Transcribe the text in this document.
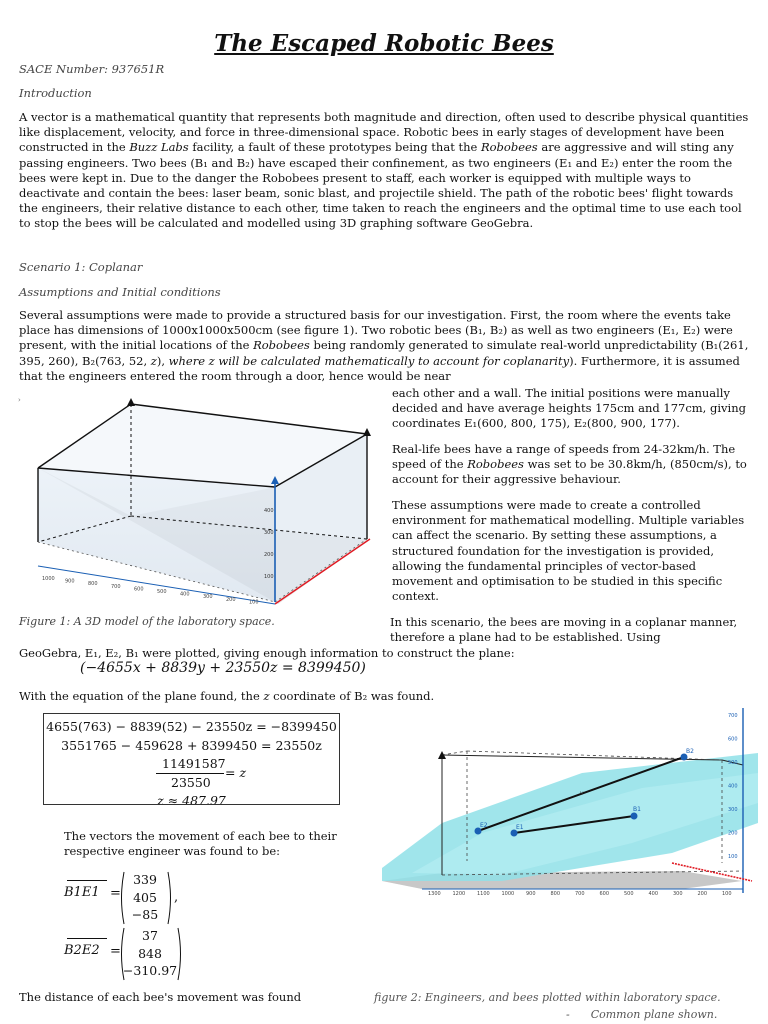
The Escaped Robotic Bees
SACE Number: 937651R
Introduction
A vector is a mathematical quantity that represents both magnitude and direction, often used to describe physical quantities like displacement, velocity, and force in three-dimensional space. Robotic bees in early stages of development have been constructed in the Buzz Labs facility, a fault of these prototypes being that the Robobees are aggressive and will sting any passing engineers. Two bees (B₁ and B₂) have escaped their confinement, as two engineers (E₁ and E₂) enter the room the bees were kept in. Due to the danger the Robobees present to staff, each worker is equipped with multiple ways to deactivate and contain the bees: laser beam, sonic blast, and projectile shield. The path of the robotic bees' flight towards the engineers, their relative distance to each other, time taken to reach the engineers and the optimal time to use each tool to stop the bees will be calculated and modelled using 3D graphing software GeoGebra.
Scenario 1: Coplanar
Assumptions and Initial conditions
Several assumptions were made to provide a structured basis for our investigation. First, the room where the events take place has dimensions of 1000x1000x500cm (see figure 1). Two robotic bees (B₁, B₂) as well as two engineers (E₁, E₂) were present, with the initial locations of the Robobees being randomly generated to simulate real-world unpredictability (B₁(261, 395, 260), B₂(763, 52, z), where z will be calculated mathematically to account for coplanarity). Furthermore, it is assumed that the engineers entered the room through a door, hence would be near
each other and a wall. The initial positions were manually decided and have average heights 175cm and 177cm, giving coordinates E₁(600, 800, 175), E₂(800, 900, 177).
Real-life bees have a range of speeds from 24-32km/h. The speed of the Robobees was set to be 30.8km/h, (850cm/s), to account for their aggressive behaviour.
These assumptions were made to create a controlled environment for mathematical modelling. Multiple variables can affect the scenario. By setting these assumptions, a structured foundation for the investigation is provided, allowing the fundamental principles of vector-based movement and optimisation to be studied in this specific context.
400
300
200
100
1000 900	800	700	600	500	400	300	200	100
›
Figure 1: A 3D model of the laboratory space.	In this scenario, the bees are moving in a coplanar manner, therefore a plane had to be established. Using
GeoGebra, E₁, E₂, B₁ were plotted, giving enough information to construct the plane:
(−4655x + 8839y + 23550z = 8399450)
With the equation of the plane found, the z coordinate of B₂ was found.
4655(763) − 8839(52) − 23550z = −8399450
3551765 − 459628 + 8399450 = 23550z
11491587
23550
= z
z ≈ 487.97
The vectors the movement of each bee to their respective engineer was found to be:
B1E1 =
339
405
−85
,
B2E2 =
37
848
−310.97
The distance of each bee's movement was found
B2
B1
E2	E1
v
700
600
500
400
300
200
100
1300 1200 1100 1000 900	800	700	600	500	400	300	200	100
figure 2: Engineers, and bees plotted within laboratory space.
-      Common plane shown.
